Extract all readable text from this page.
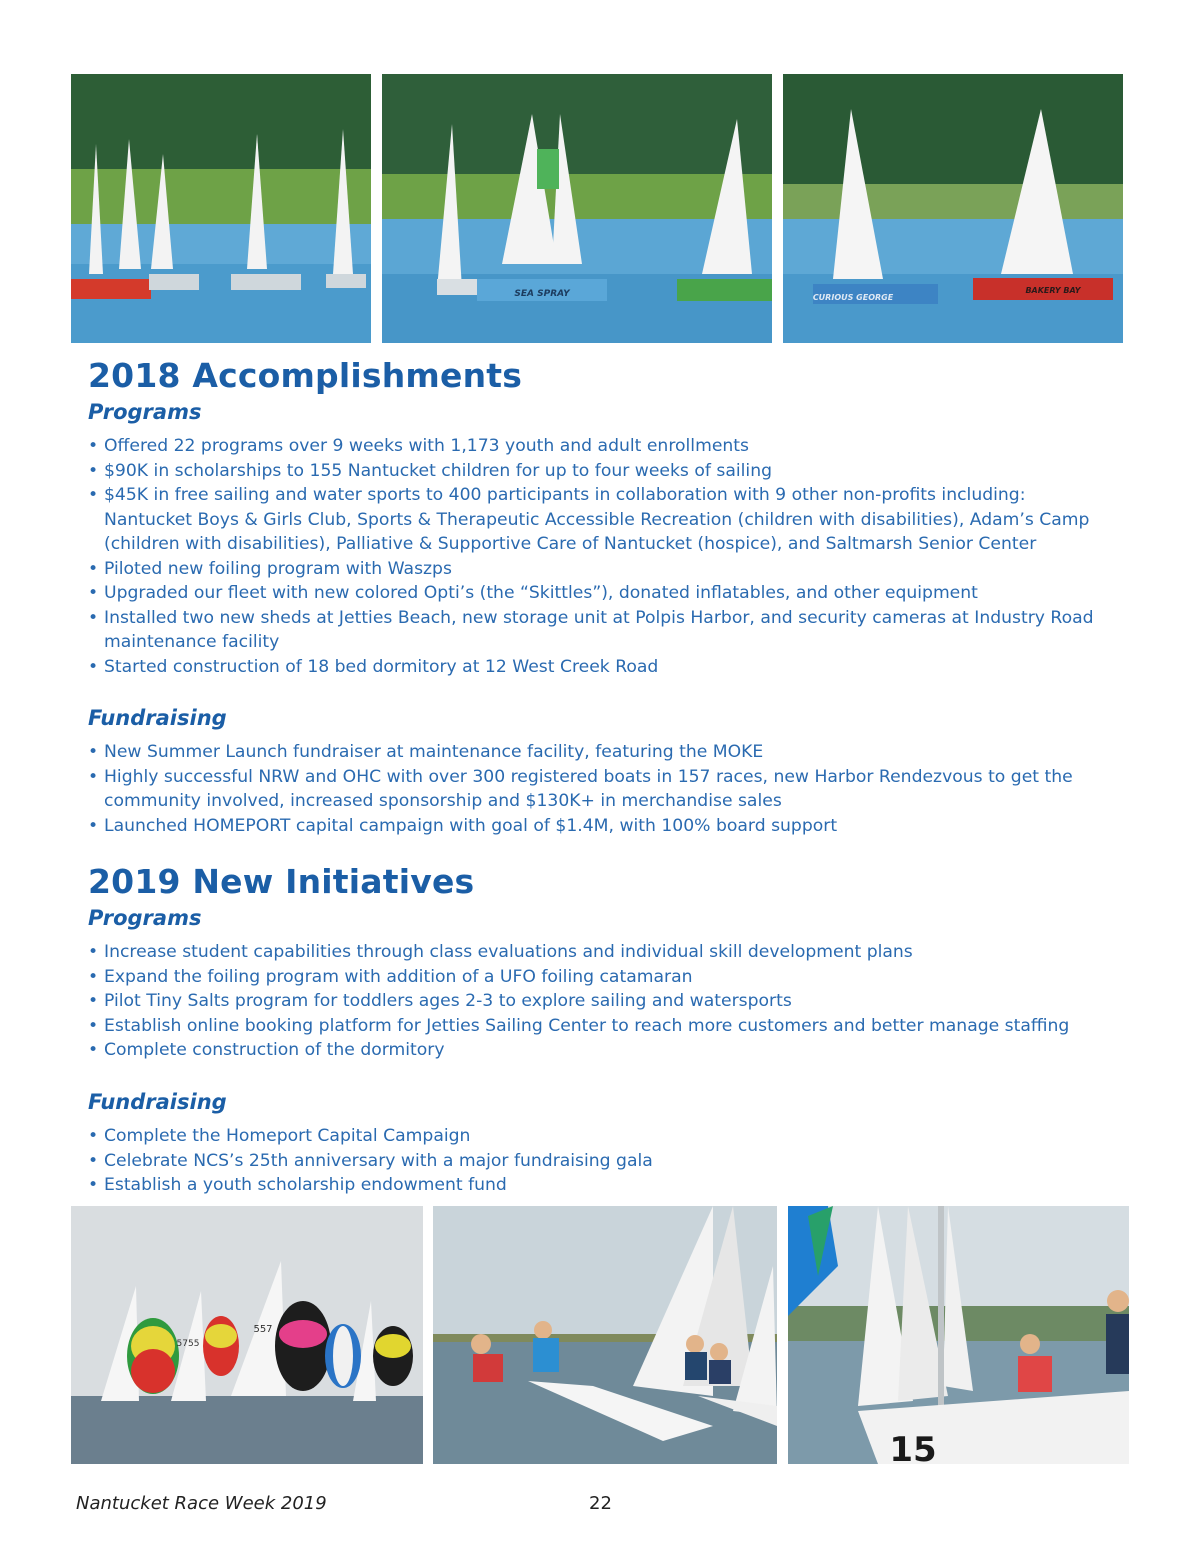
SEA SPRAY	CURIOUS GEORGE
BAKERY BAY
2018 Accomplishments
Programs
• Offered 22 programs over 9 weeks with 1,173 youth and adult enrollments
• $90K in scholarships to 155 Nantucket children for up to four weeks of sailing
• $45K in free sailing and water sports to 400 participants in collaboration with 9 other non-profits including: Nantucket Boys & Girls Club, Sports & Therapeutic Accessible Recreation (children with disabilities), Adam’s Camp (children with disabilities), Palliative & Supportive Care of Nantucket (hospice), and Saltmarsh Senior Center
• Piloted new foiling program with Waszps
• Upgraded our fleet with new colored Opti’s (the “Skittles”), donated inflatables, and other equipment
• Installed two new sheds at Jetties Beach, new storage unit at Polpis Harbor, and security cameras at Industry Road maintenance facility
• Started construction of 18 bed dormitory at 12 West Creek Road
Fundraising
• New Summer Launch fundraiser at maintenance facility, featuring the MOKE
• Highly successful NRW and OHC with over 300 registered boats in 157 races, new Harbor Rendezvous to get the community involved, increased sponsorship and $130K+ in merchandise sales
• Launched HOMEPORT capital campaign with goal of $1.4M, with 100% board support
2019 New Initiatives
Programs
• Increase student capabilities through class evaluations and individual skill development plans
• Expand the foiling program with addition of a UFO foiling catamaran
• Pilot Tiny Salts program for toddlers ages 2-3 to explore sailing and watersports
• Establish online booking platform for Jetties Sailing Center to reach more customers and better manage staffing
• Complete construction of the dormitory
Fundraising
• Complete the Homeport Capital Campaign
• Celebrate NCS’s 25th anniversary with a major fundraising gala
• Establish a youth scholarship endowment fund
5755
557
15
Nantucket Race Week 2019	22
